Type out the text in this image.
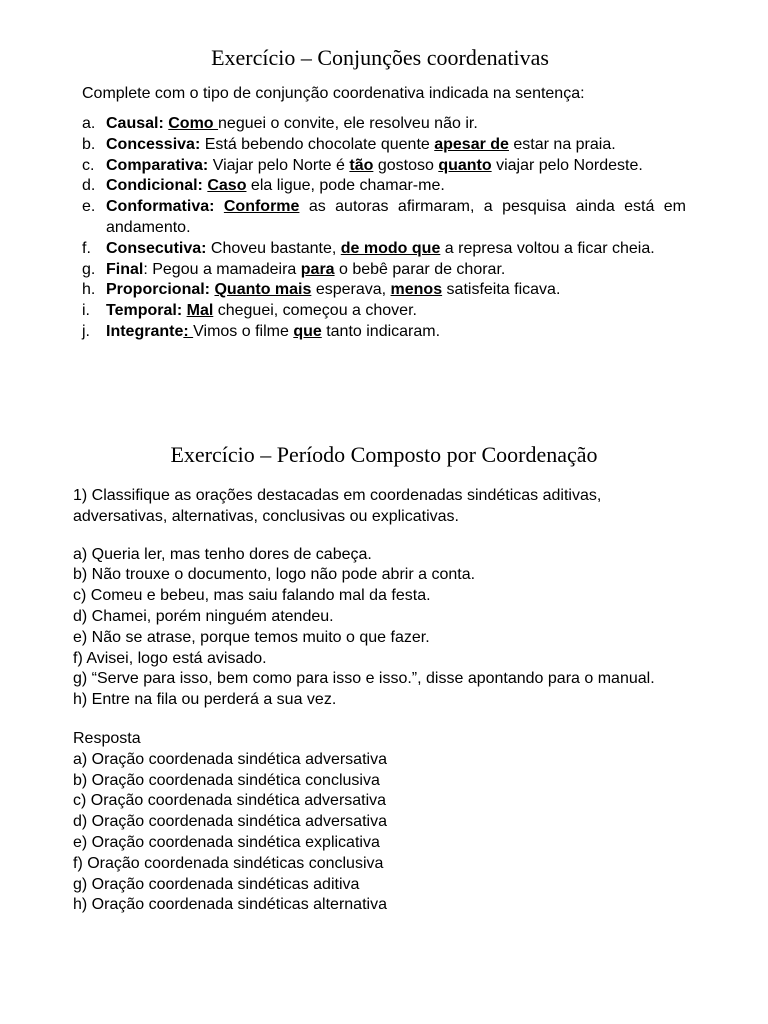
Exercício – Conjunções coordenativas
Complete com o tipo de conjunção coordenativa indicada na sentença:
a. Causal: Como neguei o convite, ele resolveu não ir.
b. Concessiva: Está bebendo chocolate quente apesar de estar na praia.
c. Comparativa: Viajar pelo Norte é tão gostoso quanto viajar pelo Nordeste.
d. Condicional: Caso ela ligue, pode chamar-me.
e. Conformativa: Conforme as autoras afirmaram, a pesquisa ainda está em andamento.
f. Consecutiva: Choveu bastante, de modo que a represa voltou a ficar cheia.
g. Final: Pegou a mamadeira para o bebê parar de chorar.
h. Proporcional: Quanto mais esperava, menos satisfeita ficava.
i. Temporal: Mal cheguei, começou a chover.
j. Integrante: Vimos o filme que tanto indicaram.
Exercício – Período Composto por Coordenação
1) Classifique as orações destacadas em coordenadas sindéticas aditivas, adversativas, alternativas, conclusivas ou explicativas.
a) Queria ler, mas tenho dores de cabeça.
b) Não trouxe o documento, logo não pode abrir a conta.
c) Comeu e bebeu, mas saiu falando mal da festa.
d) Chamei, porém ninguém atendeu.
e) Não se atrase, porque temos muito o que fazer.
f) Avisei, logo está avisado.
g) “Serve para isso, bem como para isso e isso.”, disse apontando para o manual.
h) Entre na fila ou perderá a sua vez.
Resposta
a) Oração coordenada sindética adversativa
b) Oração coordenada sindética conclusiva
c) Oração coordenada sindética adversativa
d) Oração coordenada sindética adversativa
e) Oração coordenada sindética explicativa
f) Oração coordenada sindéticas conclusiva
g) Oração coordenada sindéticas aditiva
h) Oração coordenada sindéticas alternativa
